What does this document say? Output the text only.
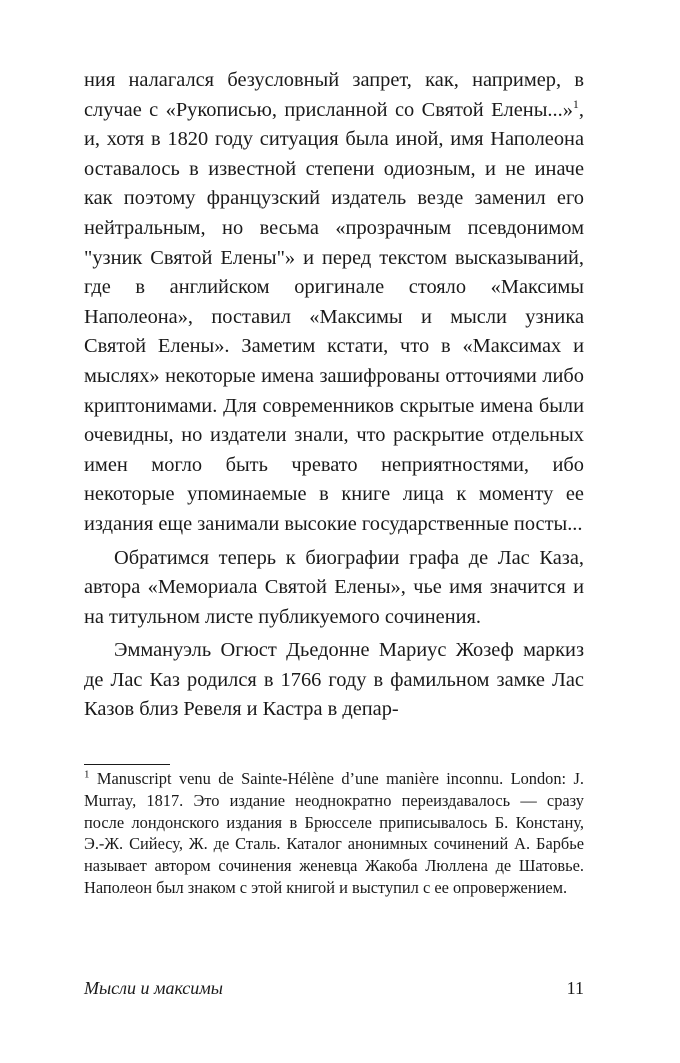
ния налагался безусловный запрет, как, например, в случае с «Рукописью, присланной со Святой Елены...»$^1$, и, хотя в 1820 году ситуация была иной, имя Наполеона оставалось в известной степени одиозным, и не иначе как поэтому французский издатель везде заменил его нейтральным, но весьма «прозрачным псевдонимом "узник Святой Елены"» и перед текстом высказываний, где в английском оригинале стояло «Максимы Наполеона», поставил «Максимы и мысли узника Святой Елены». Заметим кстати, что в «Максимах и мыслях» некоторые имена зашифрованы отточиями либо криптонимами. Для современников скрытые имена были очевидны, но издатели знали, что раскрытие отдельных имен могло быть чревато неприятностями, ибо некоторые упоминаемые в книге лица к моменту ее издания еще занимали высокие государственные посты...

Обратимся теперь к биографии графа де Лас Каза, автора «Мемориала Святой Елены», чье имя значится и на титульном листе публикуемого сочинения.

Эммануэль Огюст Дьедонне Мариус Жозеф маркиз де Лас Каз родился в 1766 году в фамильном замке Лас Казов близ Ревеля и Кастра в депар-

$^1$ Manuscript venu de Sainte-Hélène d’une manière inconnu. London: J. Murray, 1817. Это издание неоднократно переиздавалось — сразу после лондонского издания в Брюсселе приписывалось Б. Констану, Э.-Ж. Сийесу, Ж. де Сталь. Каталог анонимных сочинений А. Барбье называет автором сочинения женевца Жакоба Люллена де Шатовье. Наполеон был знаком с этой книгой и выступил с ее опровержением.

Мысли и максимы	11
